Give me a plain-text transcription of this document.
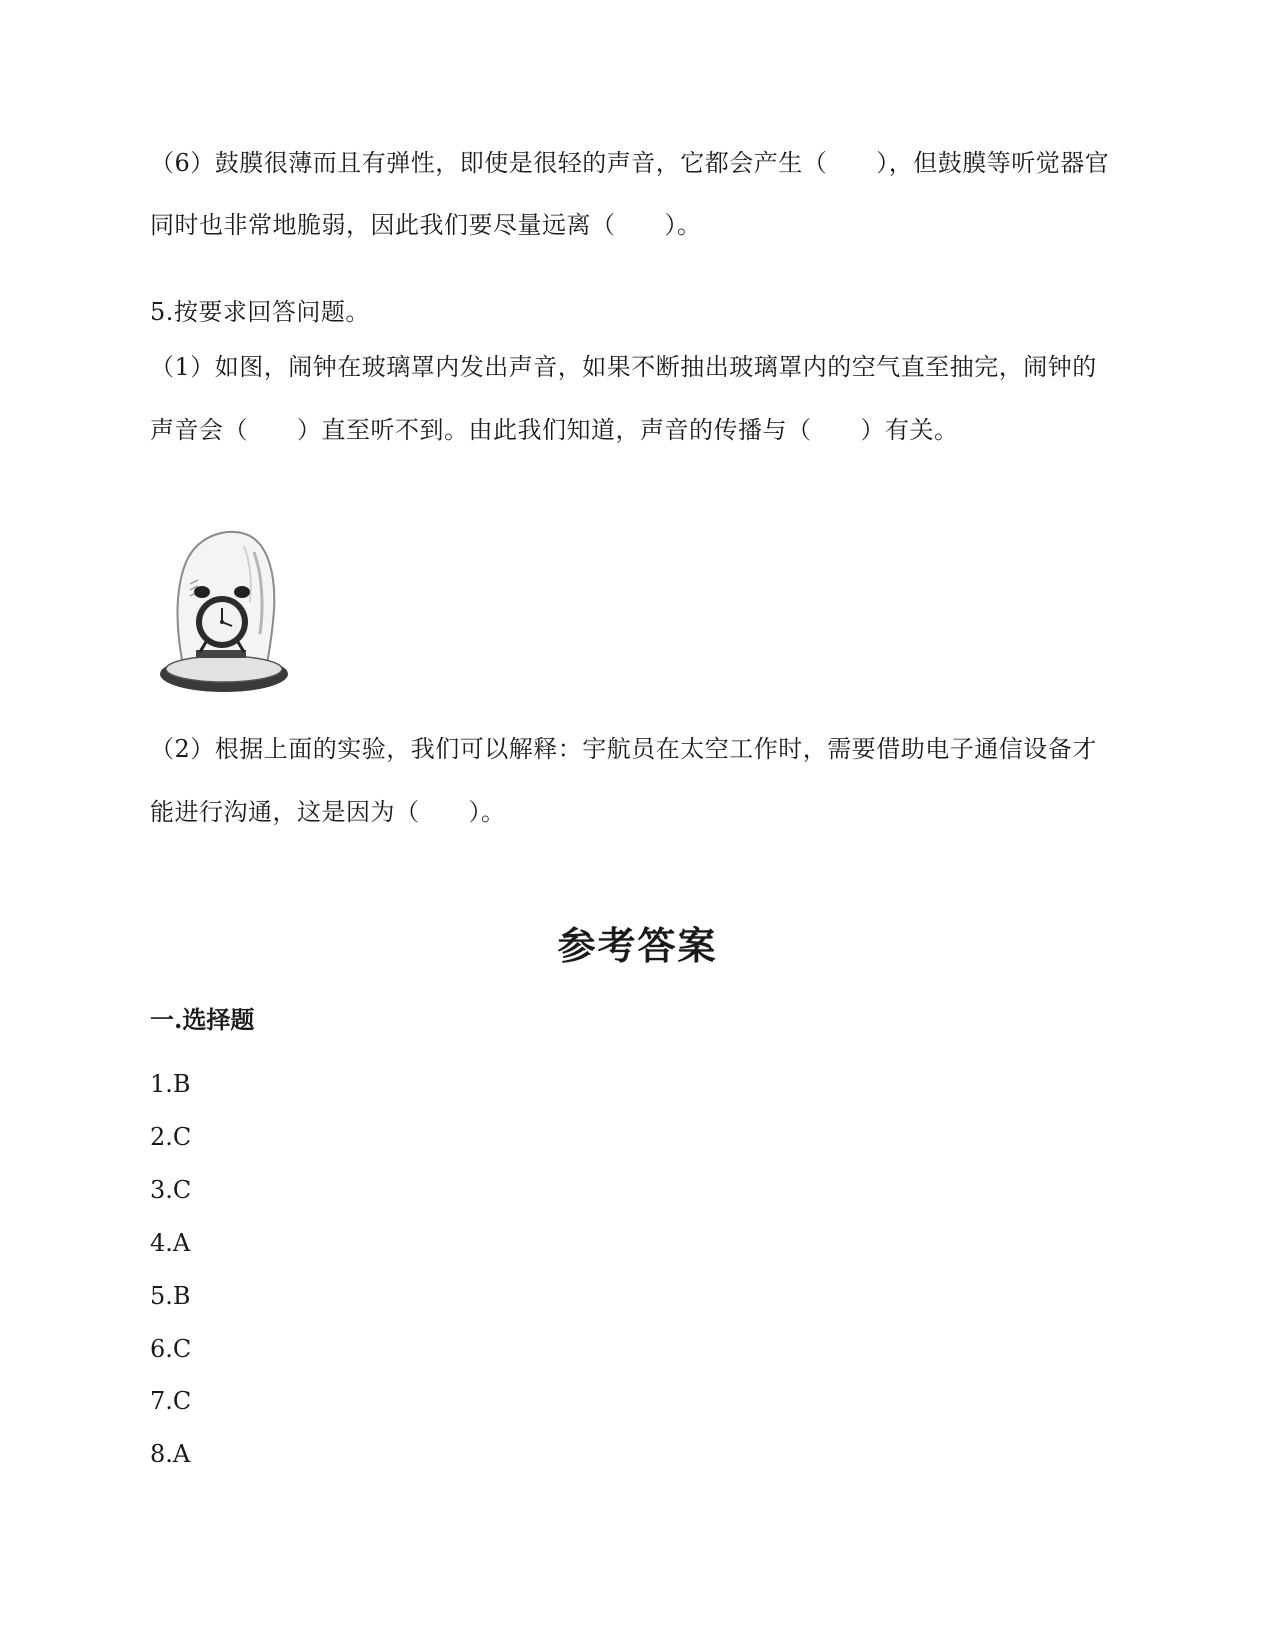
（6）鼓膜很薄而且有弹性，即使是很轻的声音，它都会产生（　　），但鼓膜等听觉器官
同时也非常地脆弱，因此我们要尽量远离（　　）。
5.按要求回答问题。
（1）如图，闹钟在玻璃罩内发出声音，如果不断抽出玻璃罩内的空气直至抽完，闹钟的
声音会（　　）直至听不到。由此我们知道，声音的传播与（　　）有关。
（2）根据上面的实验，我们可以解释：宇航员在太空工作时，需要借助电子通信设备才
能进行沟通，这是因为（　　）。
参考答案
一.选择题
1.B
2.C
3.C
4.A
5.B
6.C
7.C
8.A
